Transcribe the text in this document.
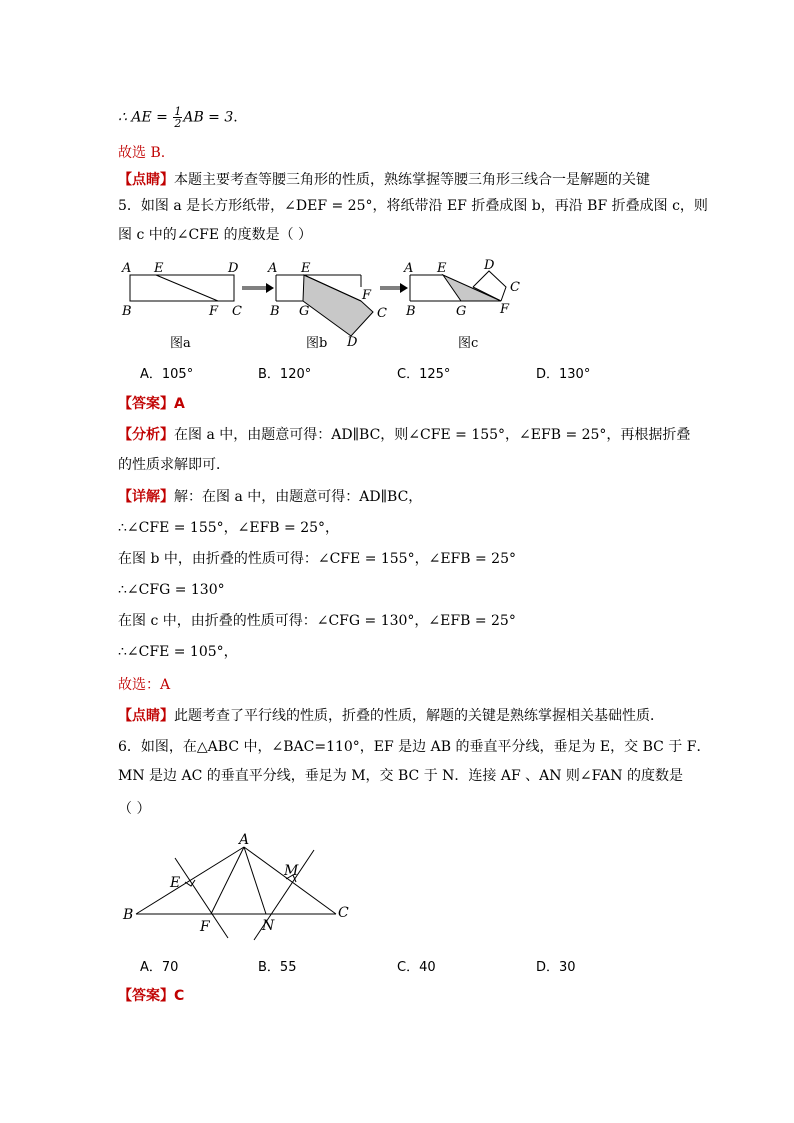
∴ AE = $\frac{1}{2}$ AB = 3.
故选 B.
【点睛】本题主要考查等腰三角形的性质，熟练掌握等腰三角形三线合一是解题的关键
5．如图 a 是长方形纸带，∠DEF = 25°，将纸带沿 EF 折叠成图 b，再沿 BF 折叠成图 c，则
图 c 中的∠CFE 的度数是（ ）
A E	D
B	F C
图a
A E
F
B G	C
D
图b
A E	D
C
B	G	F
图c
A．105°	B．120°	C．125°	D．130°
【答案】A
【分析】在图 a 中，由题意可得：AD∥BC，则∠CFE = 155°，∠EFB = 25°，再根据折叠
的性质求解即可．
【详解】解：在图 a 中，由题意可得：AD∥BC，
∴∠CFE = 155°，∠EFB = 25°，
在图 b 中，由折叠的性质可得：∠CFE = 155°，∠EFB = 25°
∴∠CFG = 130°
在图 c 中，由折叠的性质可得：∠CFG = 130°，∠EFB = 25°
∴∠CFE = 105°，
故选：A
【点睛】此题考查了平行线的性质，折叠的性质，解题的关键是熟练掌握相关基础性质．
6．如图，在△ABC 中，∠BAC=110°，EF 是边 AB 的垂直平分线，垂足为 E，交 BC 于 F．
MN 是边 AC 的垂直平分线，垂足为 M，交 BC 于 N．连接 AF 、AN 则∠FAN 的度数是
（ ）
A
E
M
B	C
F	N
A．70	B．55	C．40	D．30
【答案】C
